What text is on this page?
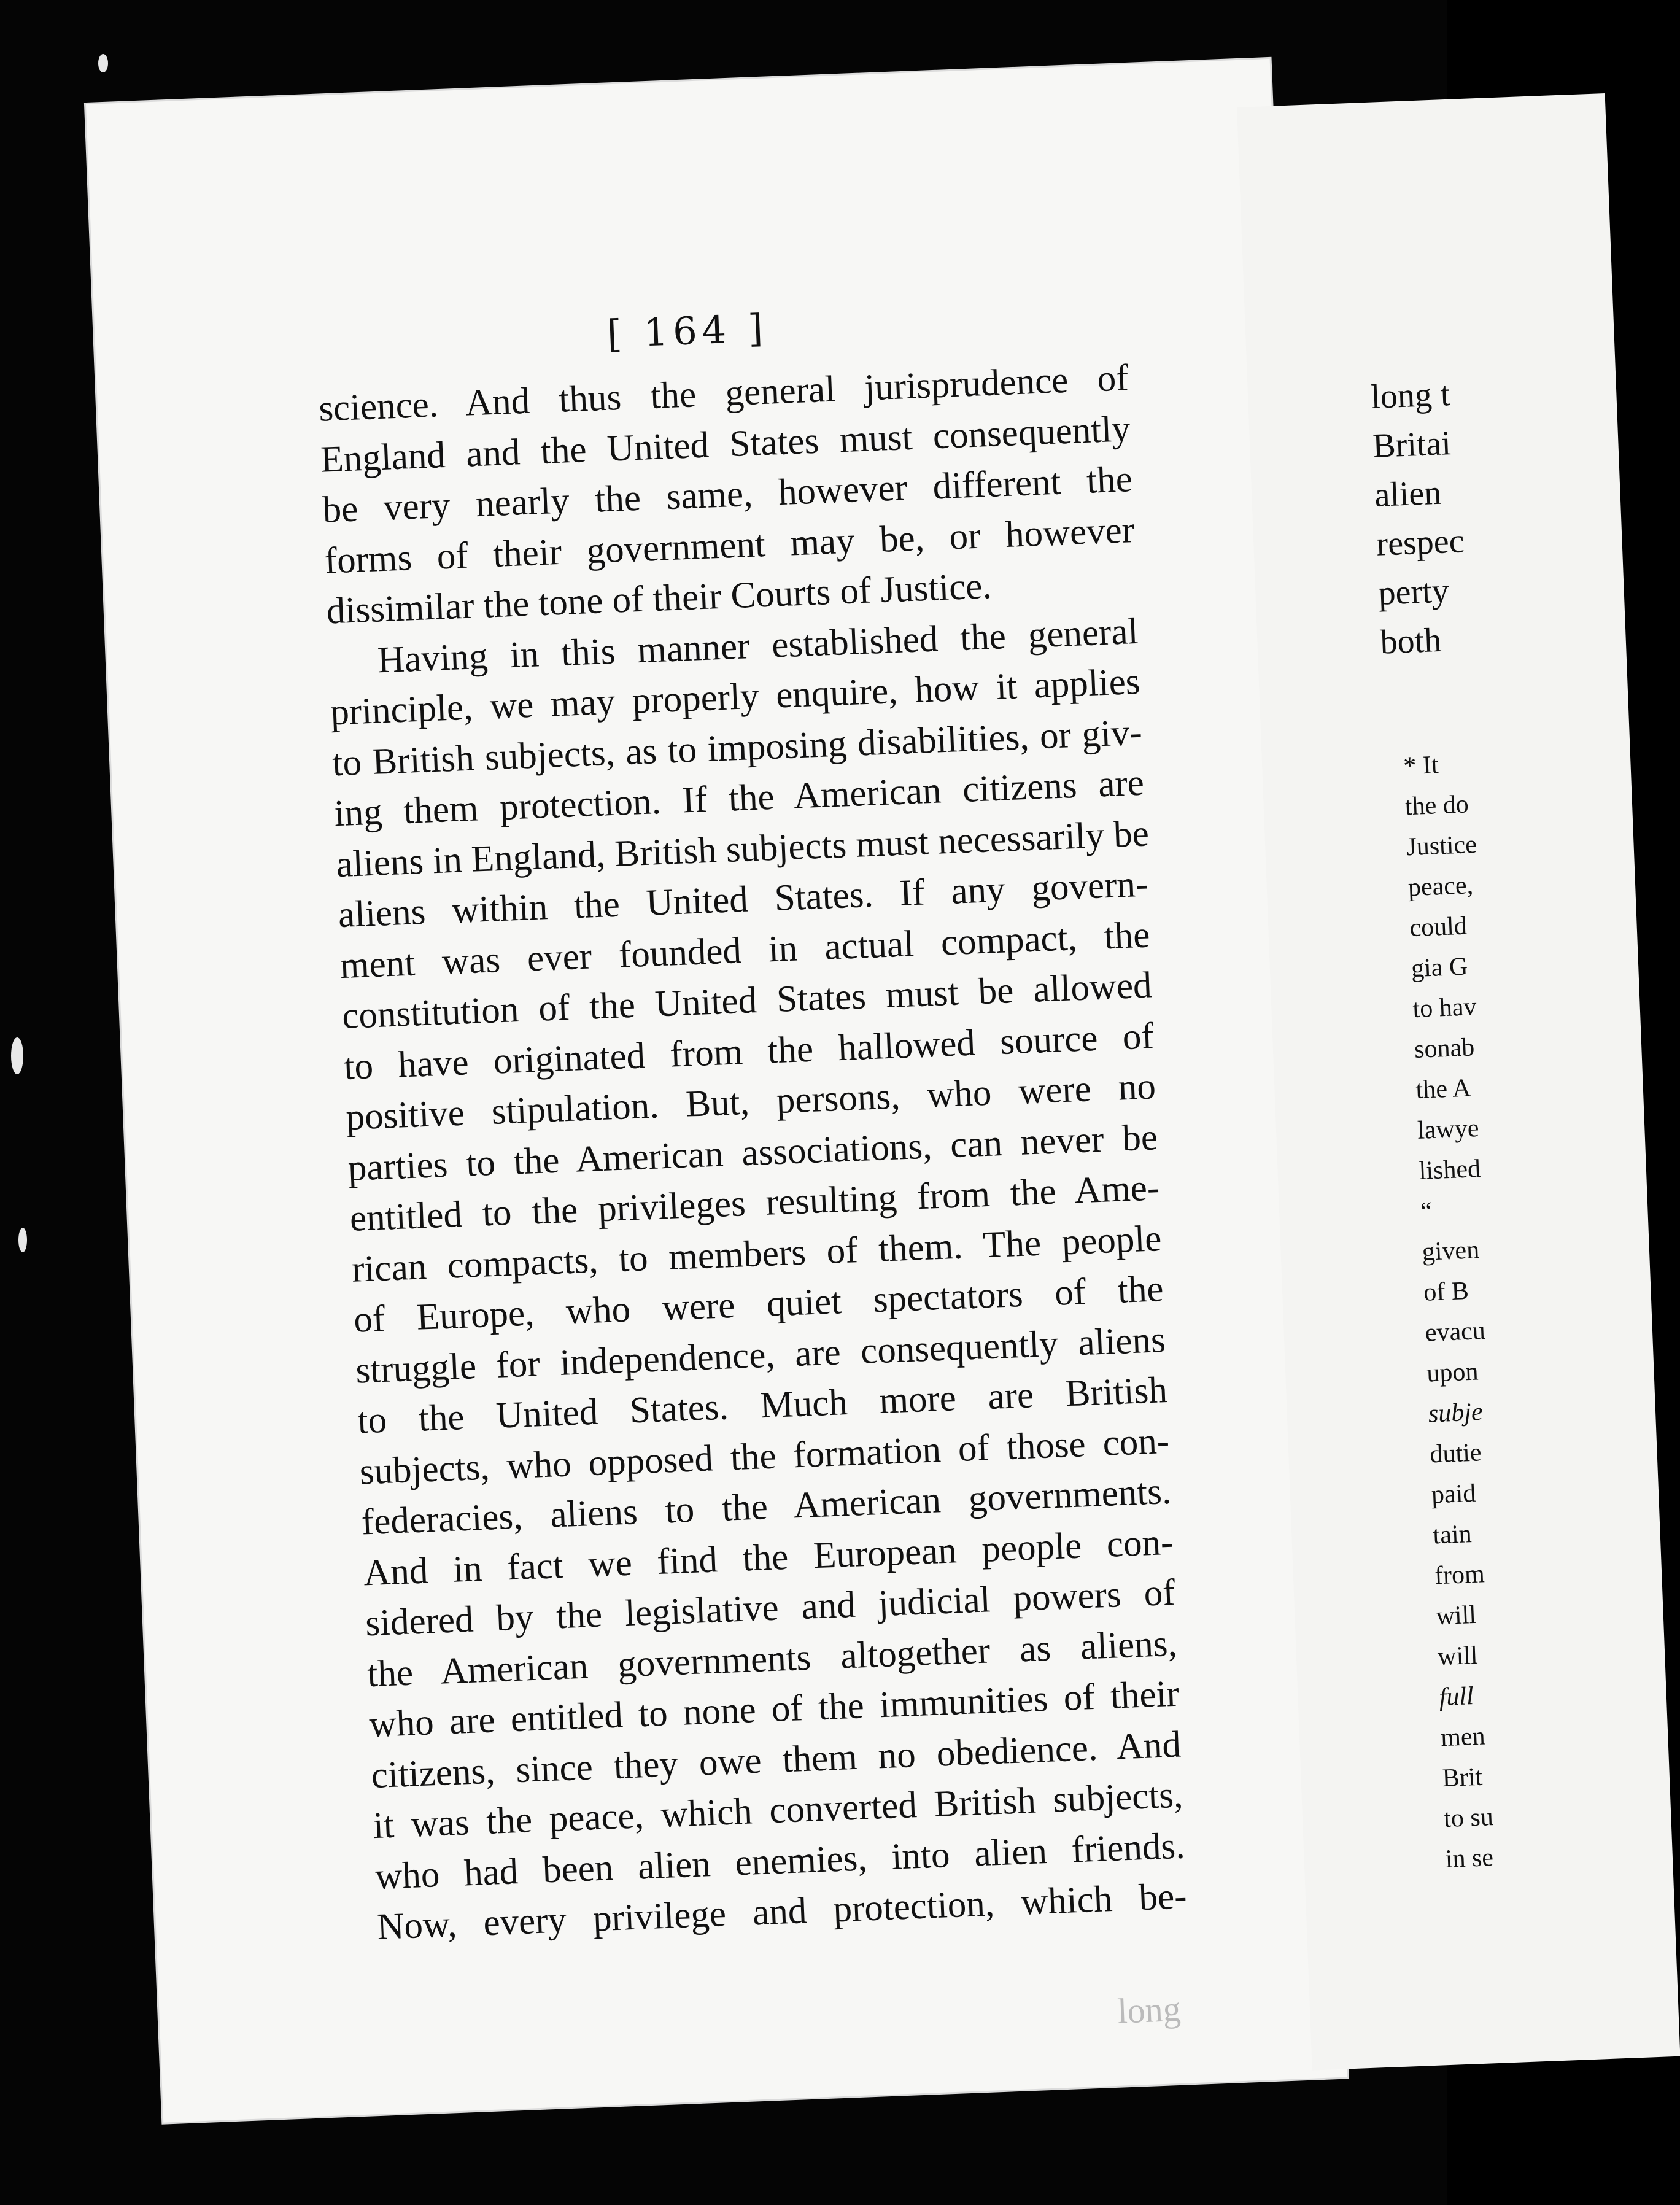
[ 164 ]
science. And thus the general jurisprudence of
England and the United States must consequently
be very nearly the same, however different the
forms of their government may be, or however
dissimilar the tone of their Courts of Justice.
Having in this manner established the general
principle, we may properly enquire, how it applies
to British subjects, as to imposing disabilities, or giv-
ing them protection. If the American citizens are
aliens in England, British subjects must necessarily be
aliens within the United States. If any govern-
ment was ever founded in actual compact, the
constitution of the United States must be allowed
to have originated from the hallowed source of
positive stipulation. But, persons, who were no
parties to the American associations, can never be
entitled to the privileges resulting from the Ame-
rican compacts, to members of them. The people
of Europe, who were quiet spectators of the
struggle for independence, are consequently aliens
to the United States. Much more are British
subjects, who opposed the formation of those con-
federacies, aliens to the American governments.
And in fact we find the European people con-
sidered by the legislative and judicial powers of
the American governments altogether as aliens,
who are entitled to none of the immunities of their
citizens, since they owe them no obedience. And
it was the peace, which converted British subjects,
who had been alien enemies, into alien friends.
Now, every privilege and protection, which be-
long
long t
Britai
alien
respec
perty
both
* It
the do
Justice
peace,
could
gia G
to hav
sonab
the A
lawye
lished
“
given
of B
evacu
upon
subje
dutie
paid
tain
from
will
will
full
men
Brit
to su
in se
